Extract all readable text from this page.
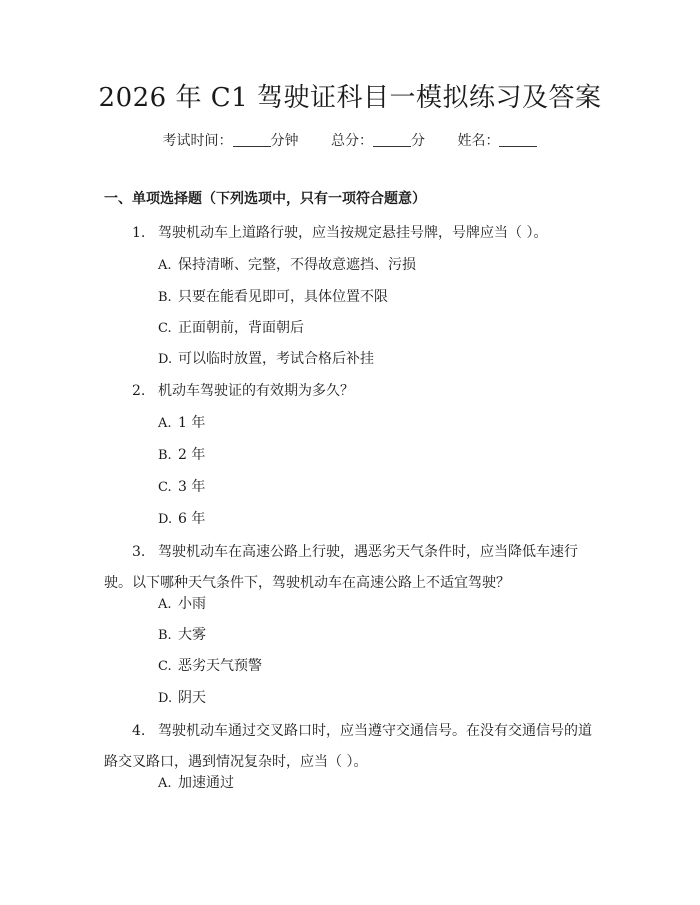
2026 年 C1 驾驶证科目一模拟练习及答案
考试时间：	分钟 总分：	分 姓名：
一、单项选择题（下列选项中，只有一项符合题意）
1. 驾驶机动车上道路行驶，应当按规定悬挂号牌，号牌应当（ ）。
A. 保持清晰、完整，不得故意遮挡、污损
B. 只要在能看见即可，具体位置不限
C. 正面朝前，背面朝后
D. 可以临时放置，考试合格后补挂
2. 机动车驾驶证的有效期为多久？
A. 1 年
B. 2 年
C. 3 年
D. 6 年
3. 驾驶机动车在高速公路上行驶，遇恶劣天气条件时，应当降低车速行驶。以下哪种天气条件下，驾驶机动车在高速公路上不适宜驾驶？
A. 小雨
B. 大雾
C. 恶劣天气预警
D. 阴天
4. 驾驶机动车通过交叉路口时，应当遵守交通信号。在没有交通信号的道路交叉路口，遇到情况复杂时，应当（ ）。
A. 加速通过
